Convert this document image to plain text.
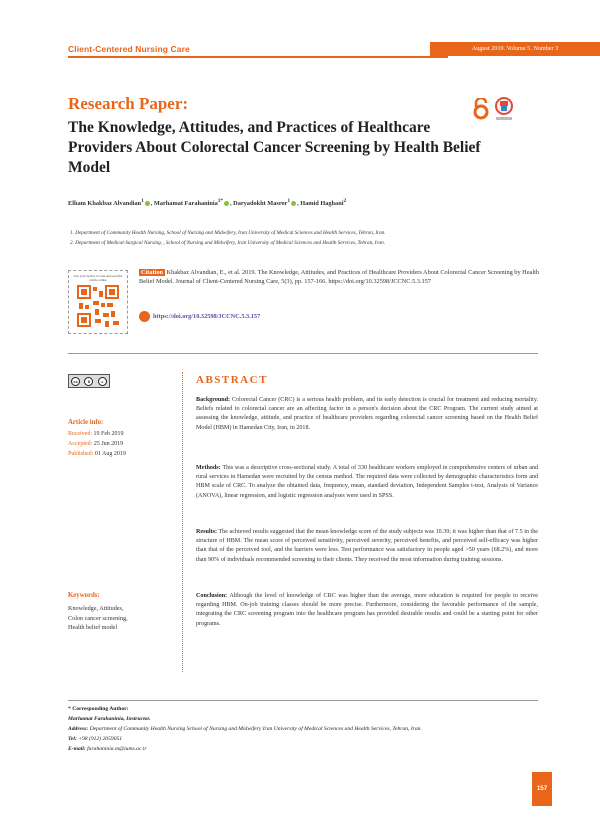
Client-Centered Nursing Care	August 2019. Volume 5. Number 3
Research Paper:
The Knowledge, Attitudes, and Practices of Healthcare Providers About Colorectal Cancer Screening by Health Belief Model
Elham Khakbaz Alvandian$^1$ , Marhamat Farahaninia$^{1*}$ , Daryadokht Masror$^1$ , Hamid Haghani$^2$
1. Department of Community Health Nursing, School of Nursing and Midwifery, Iran University of Medical Sciences and Health Services, Tehran, Iran.
2. Department of Medical-Surgical Nursing, , School of Nursing and Midwifery, Iran University of Medical Sciences and Health Services, Tehran, Iran.
Use your device to scan and read the article online
Citation Khakbaz Alvandian, E., et al. 2019. The Knowledge, Attitudes, and Practices of Healthcare Providers About Colorectal Cancer Screening by Health Belief Model. Journal of Client-Centered Nursing Care, 5(3), pp. 157-166. https://doi.org/10.32598/JCCNC.5.3.157
https://doi.org/10.32598/JCCNC.5.3.157
cc	$	=
Article info:
Received: 19 Feb 2019
Accepted: 25 Jun 2019
Published: 01 Aug 2019
Keywords:
Knowledge, Attitudes,
Colon cancer screening,
Health belief model
ABSTRACT

Background: Colorectal Cancer (CRC) is a serious health problem, and its early detection is crucial for treatment and reducing mortality. Beliefs related to colorectal cancer are an affecting factor in a person's decision about the CRC Program. The current study aimed at assessing the knowledge, attitude, and practice of healthcare providers regarding colorectal cancer screening based on the Health Belief Model (HBM) in Hamedan City, Iran, in 2018.

Methods: This was a descriptive cross-sectional study. A total of 330 healthcare workers employed in comprehensive centers of urban and rural services in Hamedan were recruited by the census method. The required data were collected by demographic characteristics form and HBM scale of CRC. To analyze the obtained data, frequency, mean, standard deviation, Independent Samples t-test, Analysis of Variance (ANOVA), linear regression, and logistic regression analyses were used in SPSS.

Results: The achieved results suggested that the mean knowledge score of the study subjects was 10.39; it was higher than that of 7.5 in the structure of HBM. The mean score of perceived sensitivity, perceived severity, perceived benefits, and perceived self-efficacy was higher than that of the perceived tool, and the barriers were less. Test performance was satisfactory in people aged >50 years (68.2%), and more than 90% of individuals recommended screening to their clients. They received the most information during training sessions.

Conclusion: Although the level of knowledge of CRC was higher than the average, more education is required for people to receive regarding HBM. On-job training classes should be more precise. Furthermore, considering the favorable performance of the sample, integrating the CRC screening program into the healthcare program has provided desirable results and could be a starting point for other programs.

* Corresponding Author:
Marhamat Farahaninia, Instructor.
Address: Department of Community Health Nursing School of Nursing and Midwifery Iran University of Medical Sciences and Health Services, Tehran, Iran.
Tel: +98 (912) 2059051
E-mail: farahaninia.m@iums.ac.ir
157
